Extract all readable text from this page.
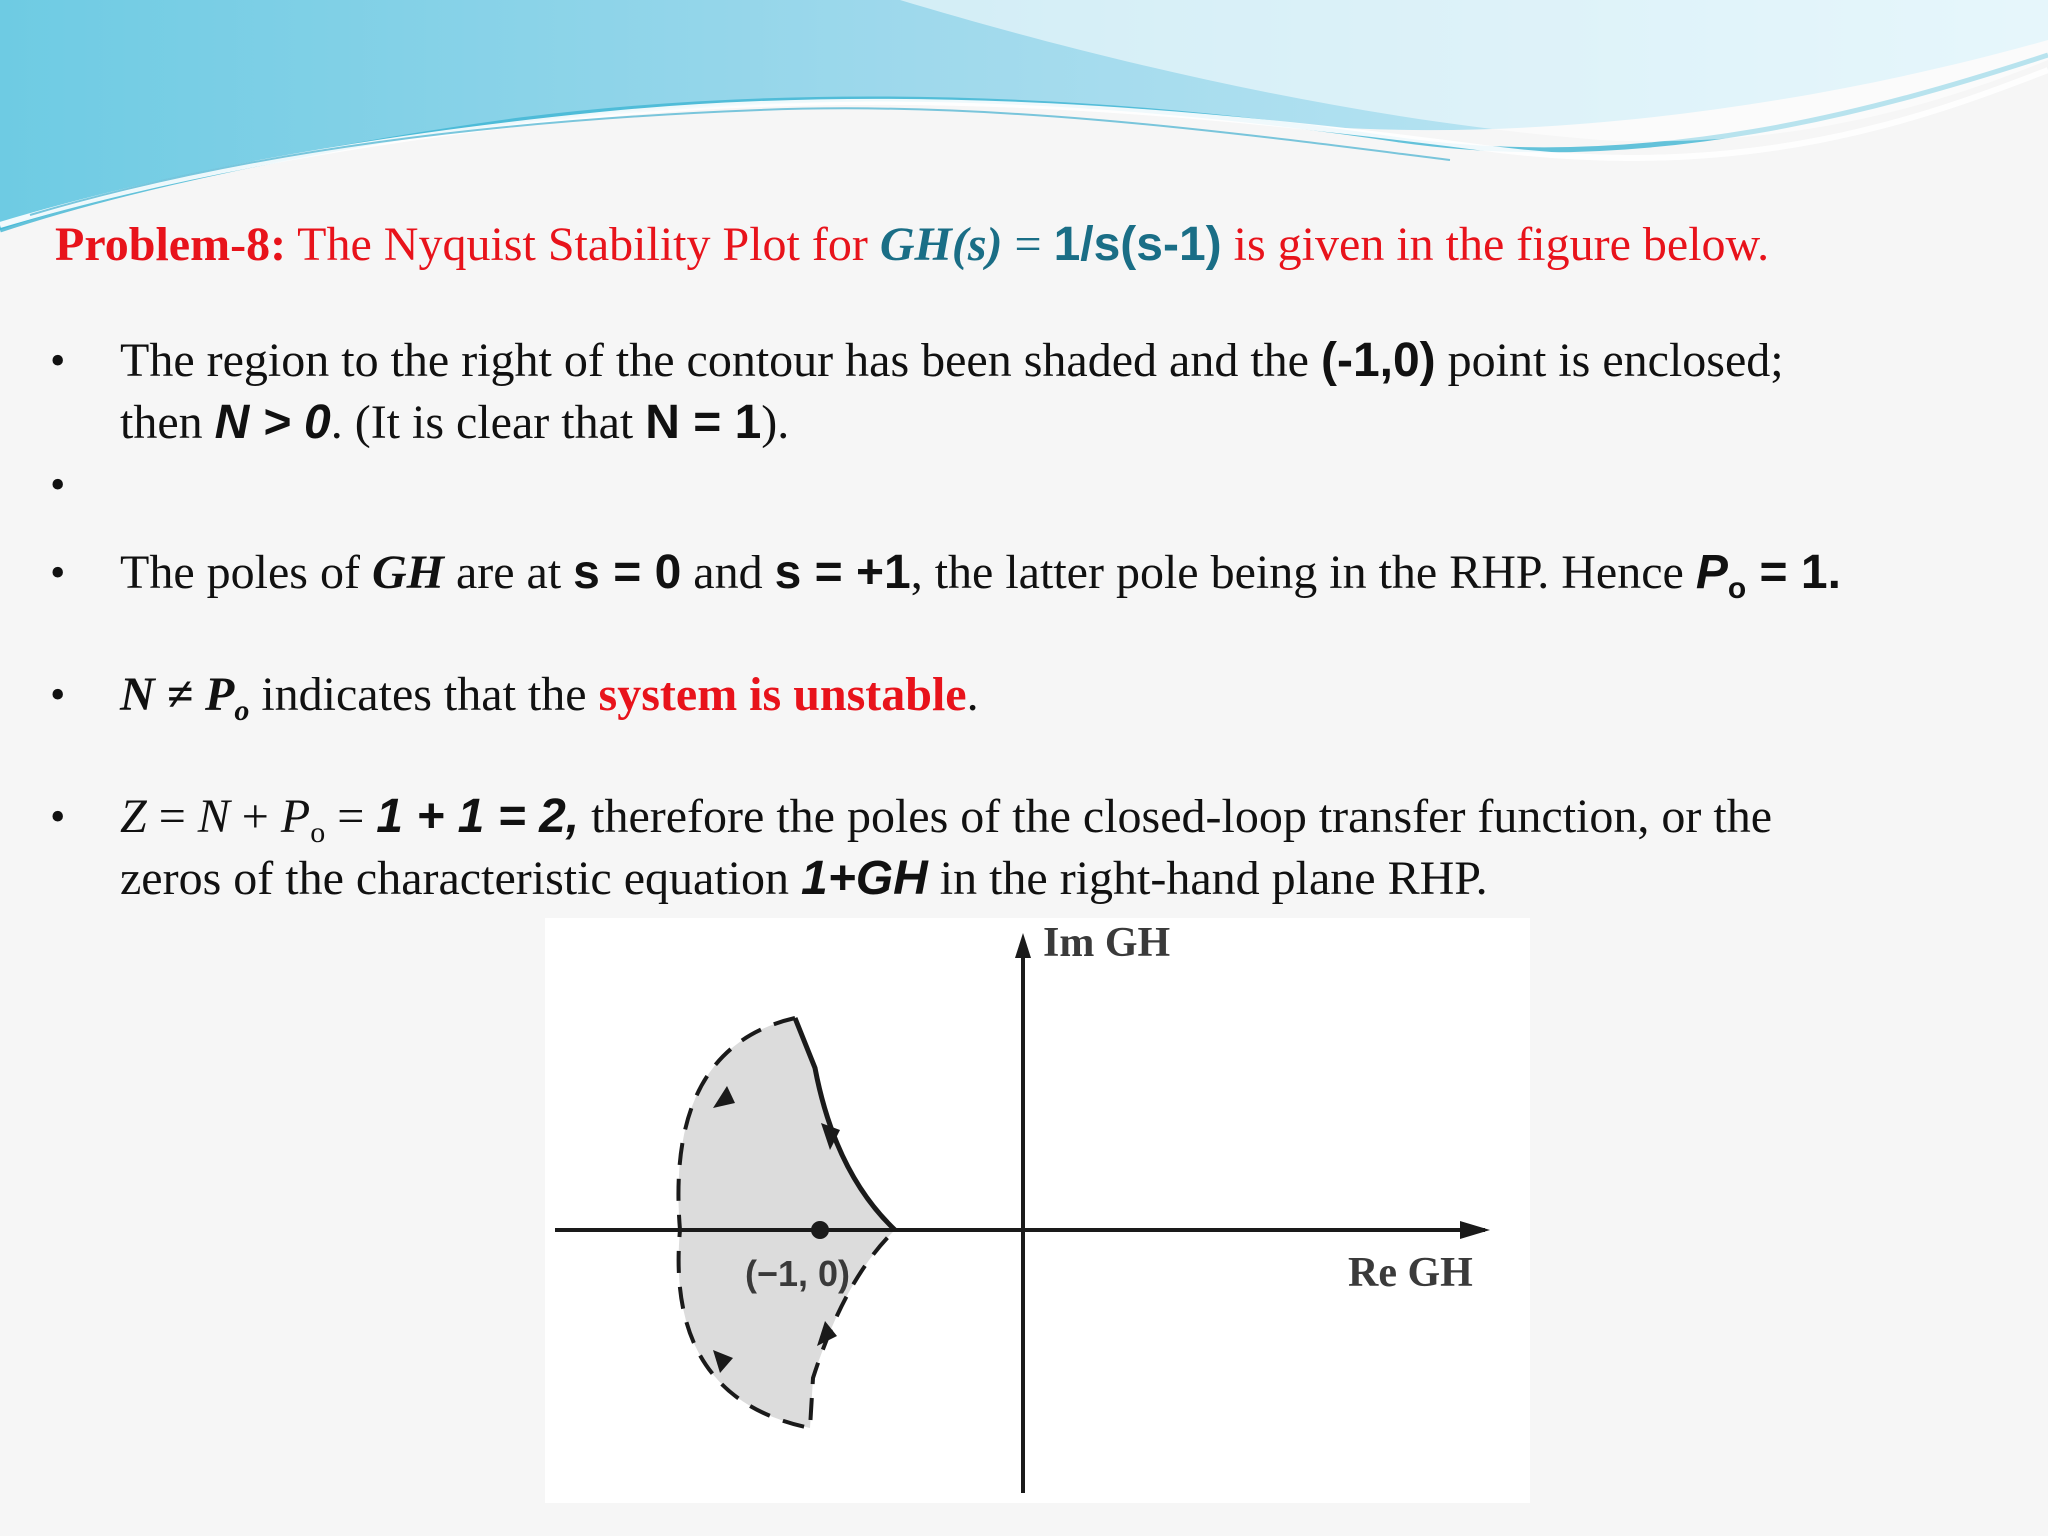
Problem-8: The Nyquist Stability Plot for GH(s) = 1/s(s-1) is given in the figure below.
• The region to the right of the contour has been shaded and the (-1,0) point is enclosed;
then N > 0. (It is clear that N = 1).
•
• The poles of GH are at s = 0 and s = +1, the latter pole being in the RHP. Hence $P_o = 1$.
• $N \ne P_o$ indicates that the system is unstable.
• $Z = N + P_o = 1 + 1 = 2$, therefore the poles of the closed-loop transfer function, or the
zeros of the characteristic equation 1+GH in the right-hand plane RHP.
(−1, 0)
Im GH
Re GH
